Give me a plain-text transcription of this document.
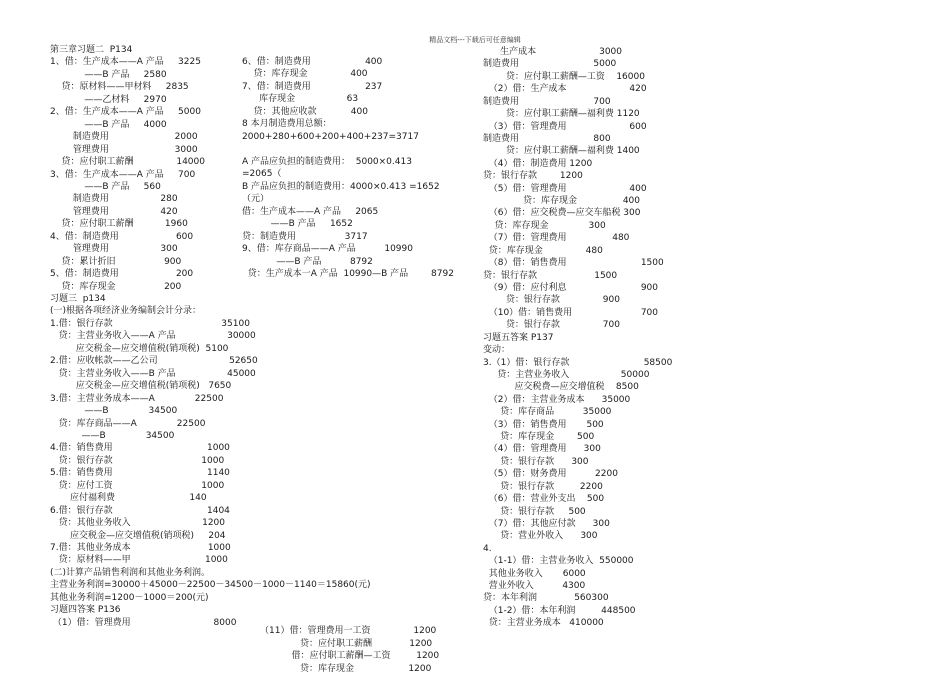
精品文档---下载后可任意编辑
第三章习题二  P134
1、借：生产成本——A 产品     3225
——B 产品     2580
贷：原材料——甲材料     2835
——乙材料     2970
2、借：生产成本——A 产品     5000
——B 产品     4000
制造费用                       2000
管理费用                       3000
贷：应付职工薪酬               14000
3、借：生产成本——A 产品     700
——B 产品     560
制造费用                  280
管理费用                  420
贷：应付职工薪酬           1960
4、借：制造费用                    600
管理费用                  300
贷：累计折旧                 900
5、借：制造费用                    200
贷：库存现金                 200
习题三  p134
(一)根据各项经济业务编制会计分录：
1.借：银行存款                                      35100
贷：主营业务收入——A 产品                  30000
应交税金—应交增值税(销项税)  5100
2.借：应收帐款——乙公司                         52650
贷：主营业务收入——B 产品                  45000
应交税金—应交增值税(销项税)   7650
3.借：主营业务成本——A              22500
——B              34500
贷：库存商品——A              22500
——B              34500
4.借：销售费用                                 1000
贷：银行存款                               1000
5.借：销售费用                                 1140
贷：应付工资                               1000
应付福利费                          140
6.借：银行存款                                 1404
贷：其他业务收入                         1200
应交税金—应交增值税(销项税)     204
7.借：其他业务成本                           1000
贷：原材料——甲                          1000
(二)计算产品销售利润和其他业务利润。
主营业务利润=30000＋45000－22500－34500－1000－1140＝15860(元)
其他业务利润=1200－1000＝200(元)
习题四答案 P136
（1）借：管理费用                             8000
6、借：制造费用                   400
贷：库存现金               400
7、借：制造费用                   237
库存现金                  63
贷：其他应收款            400
8 本月制造费用总额：
2000+280+600+200+400+237=3717
A 产品应负担的制造费用：  5000×0.413
=2065（
B 产品应负担的制造费用：4000×0.413 =1652
（元）
借：生产成本——A 产品     2065
——B 产品     1652
贷：制造费用                 3717
9、借：库存商品——A 产品          10990
——B 产品          8792
贷：生产成本一A 产品  10990—B 产品        8792
（11）借：管理费用一工资               1200
贷：应付职工薪酬             1200
借：应付职工薪酬—工资         1200
贷：库存现金                   1200
生产成本                      3000
制造费用                          5000
贷：应付职工薪酬—工资    16000
（2）借：生产成本                      420
制造费用                          700
贷：应付职工薪酬—福利费 1120
（3）借：管理费用                      600
制造费用                          800
贷：应付职工薪酬—福利费 1400
（4）借：制造费用 1200
贷：银行存款        1200
（5）借：管理费用                      400
贷：库存现金                400
（6）借：应交税费—应交车船税 300
贷：库存现金              300
（7）借：管理费用                480
贷：库存现金               480
（8）借：销售费用                          1500
贷：银行存款                    1500
（9）借：应付利息                          900
贷：银行存款               900
（10）借：销售费用                        700
贷：银行存款               700
习题五答案 P137
变动：
3.（1）借：银行存款                          58500
贷：主营业务收入                  50000
应交税费—应交增值税    8500
（2）借：主营业务成本      35000
贷：库存商品          35000
（3）借：销售费用       500
贷：库存现金        500
（4）借：管理费用      300
贷：银行存款      300
（5）借：财务费用          2200
贷：银行存款         2200
（6）借：营业外支出    500
贷：银行存款     500
（7）借：其他应付款      300
贷：营业外收入      300
4.
（1-1）借：主营业务收入  550000
其他业务收入       6000
营业外收入          4300
贷：本年利润             560300
（1-2）借：本年利润         448500
贷：主营业务成本   410000
